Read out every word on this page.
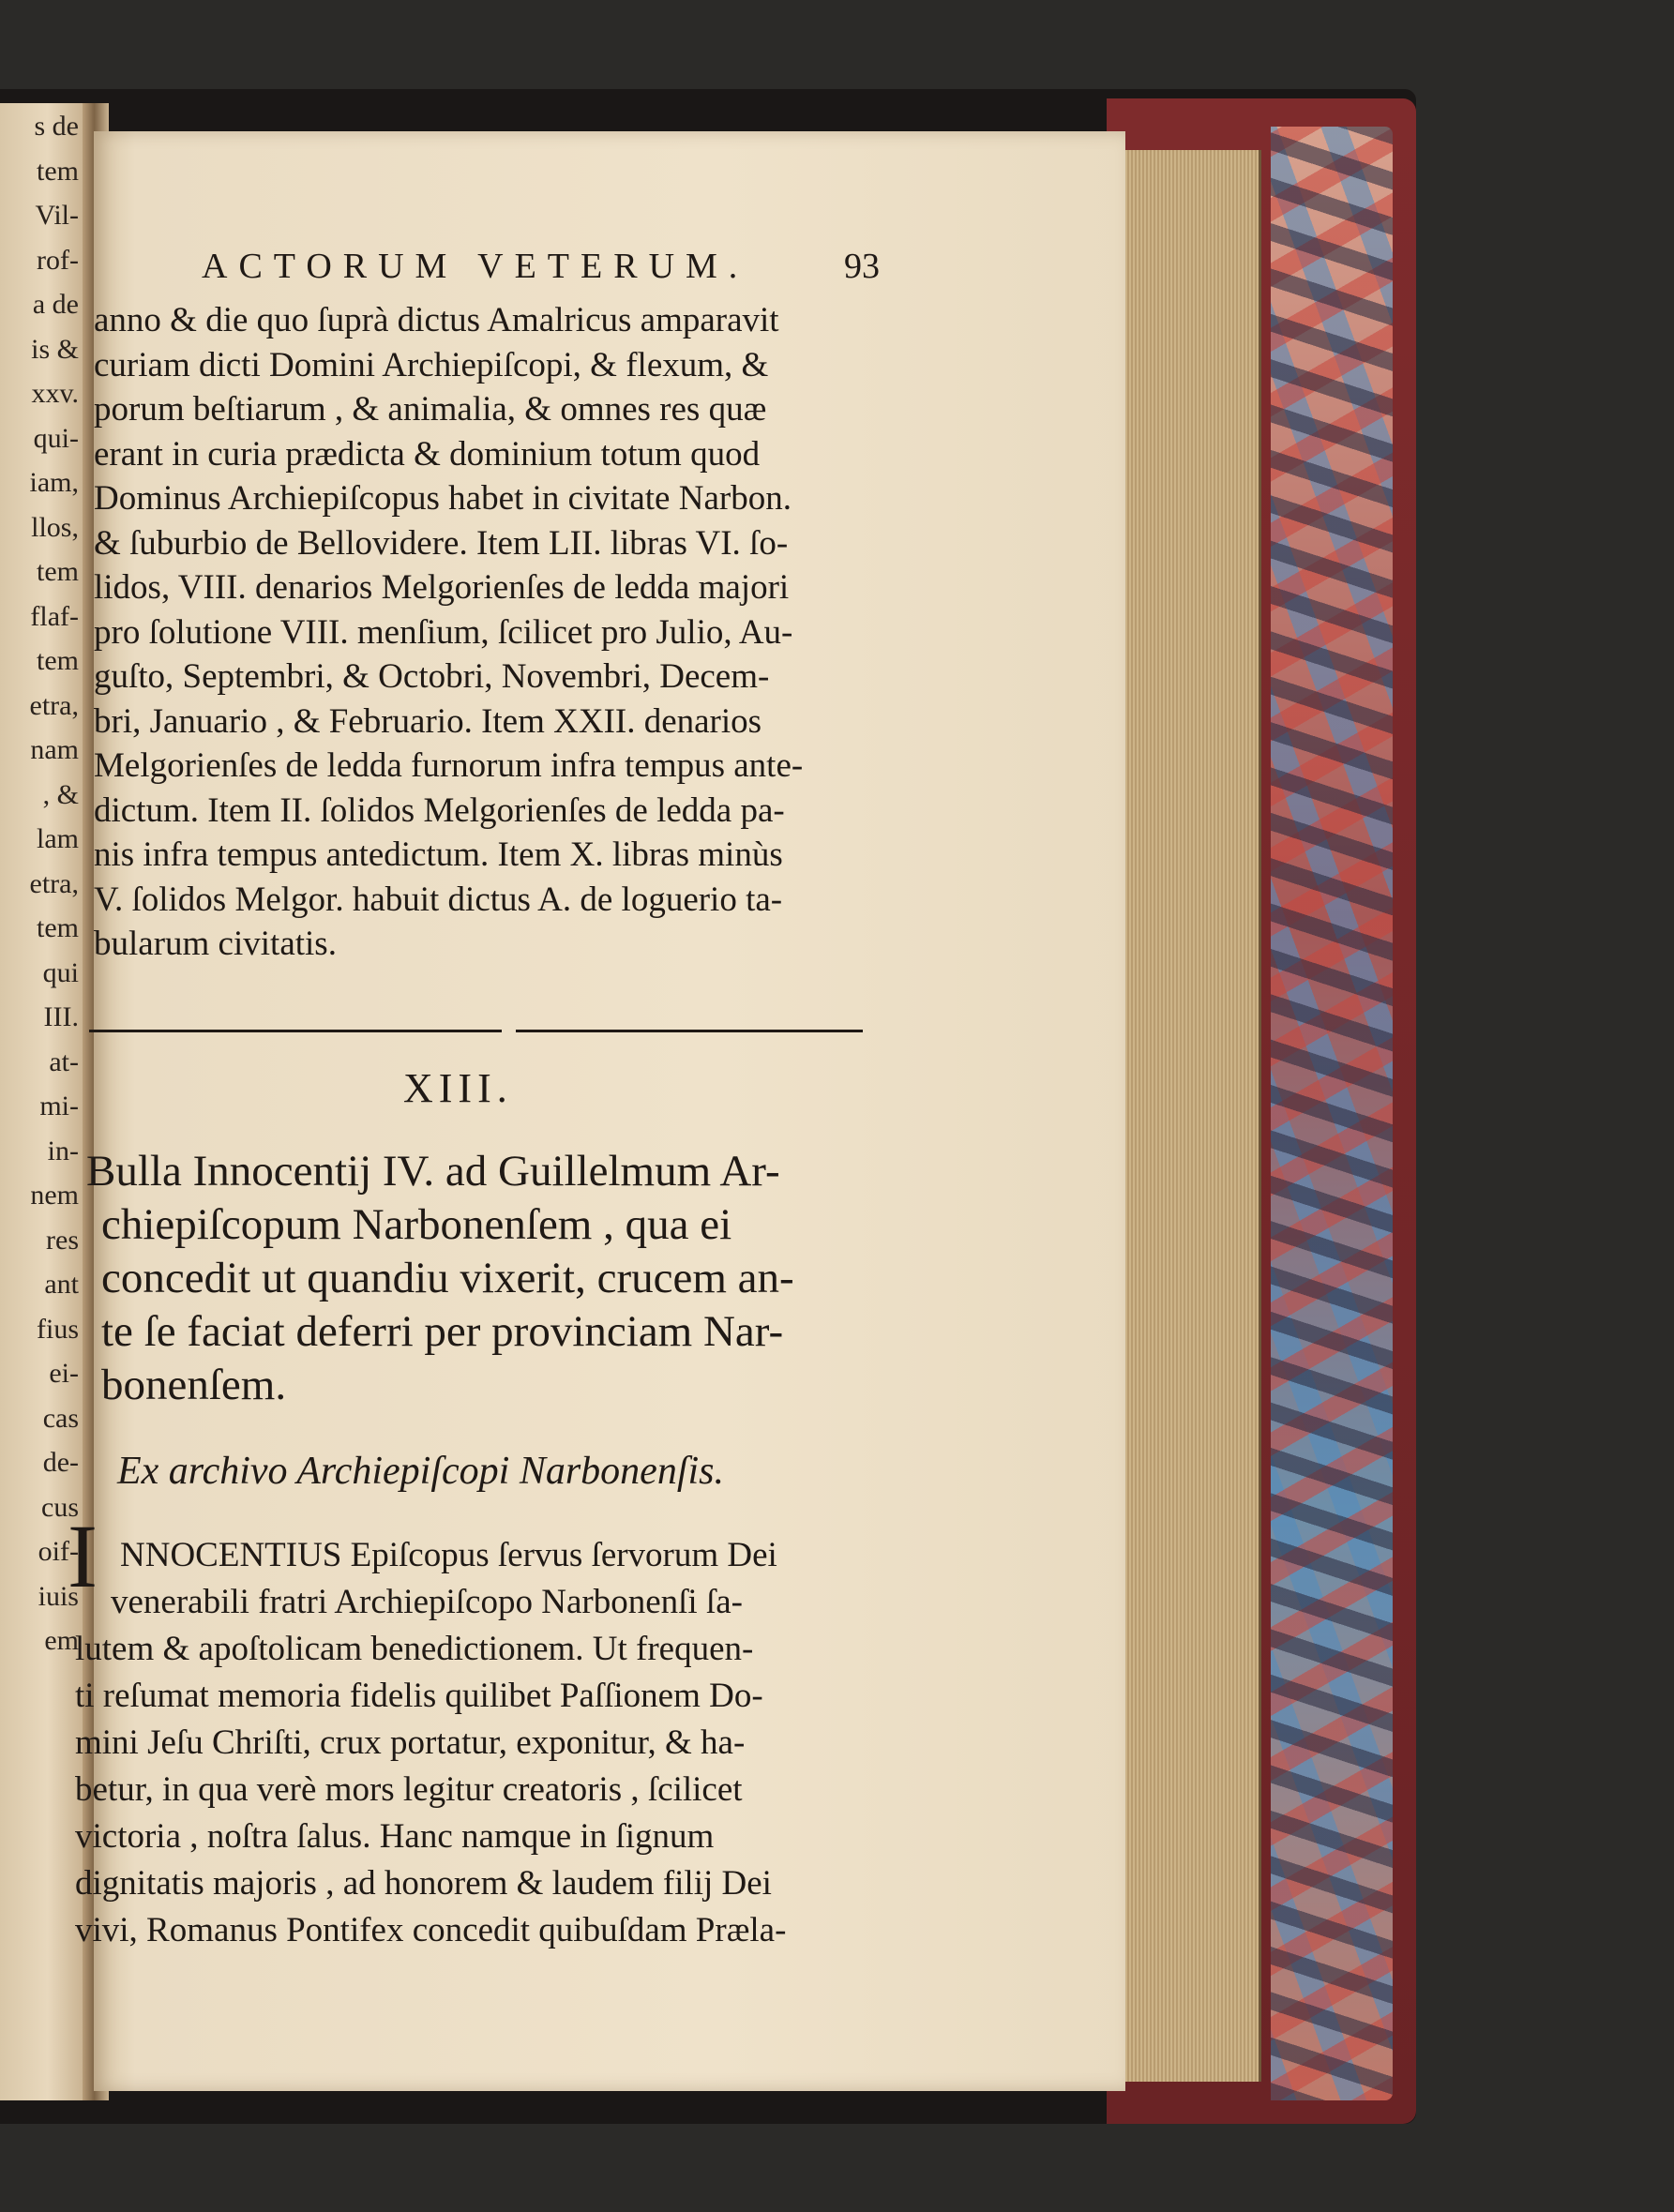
s de
tem
Vil-
rof-
a de
is &
xxv.
qui-
iam,
llos,
tem
flaf-
tem
etra,
nam
, &
lam
etra,
tem
qui
III.
at-
mi-
in-
nem
res
ant
fius
ei-
cas
de-
cus
oif-
iuis
em
ACTORUM VETERUM.	93
anno & die quo ſuprà dictus Amalricus amparavit
curiam dicti Domini Archiepiſcopi, & flexum, &
porum beſtiarum , & animalia, & omnes res quæ
erant in curia prædicta & dominium totum quod
Dominus Archiepiſcopus habet in civitate Narbon.
& ſuburbio de Bellovidere. Item LII. libras VI. ſo-
lidos, VIII. denarios Melgorienſes de ledda majori
pro ſolutione VIII. menſium, ſcilicet pro Julio, Au-
guſto, Septembri, & Octobri, Novembri, Decem-
bri, Januario , & Februario. Item XXII. denarios
Melgorienſes de ledda furnorum infra tempus ante-
dictum. Item II. ſolidos Melgorienſes de ledda pa-
nis infra tempus antedictum. Item X. libras minùs
V. ſolidos Melgor. habuit dictus A. de loguerio ta-
bularum civitatis.
XIII.
Bulla Innocentij IV. ad Guillelmum Ar-
chiepiſcopum Narbonenſem , qua ei
concedit ut quandiu vixerit, crucem an-
te ſe faciat deferri per provinciam Nar-
bonenſem.
Ex archivo Archiepiſcopi Narbonenſis.
I NNOCENTIUS Epiſcopus ſervus ſervorum Dei
venerabili fratri Archiepiſcopo Narbonenſi ſa-
lutem & apoſtolicam benedictionem. Ut frequen-
ti reſumat memoria fidelis quilibet Paſſionem Do-
mini Jeſu Chriſti, crux portatur, exponitur, & ha-
betur, in qua verè mors legitur creatoris , ſcilicet
victoria , noſtra ſalus. Hanc namque in ſignum
dignitatis majoris , ad honorem & laudem filij Dei
vivi, Romanus Pontifex concedit quibuſdam Præla-
